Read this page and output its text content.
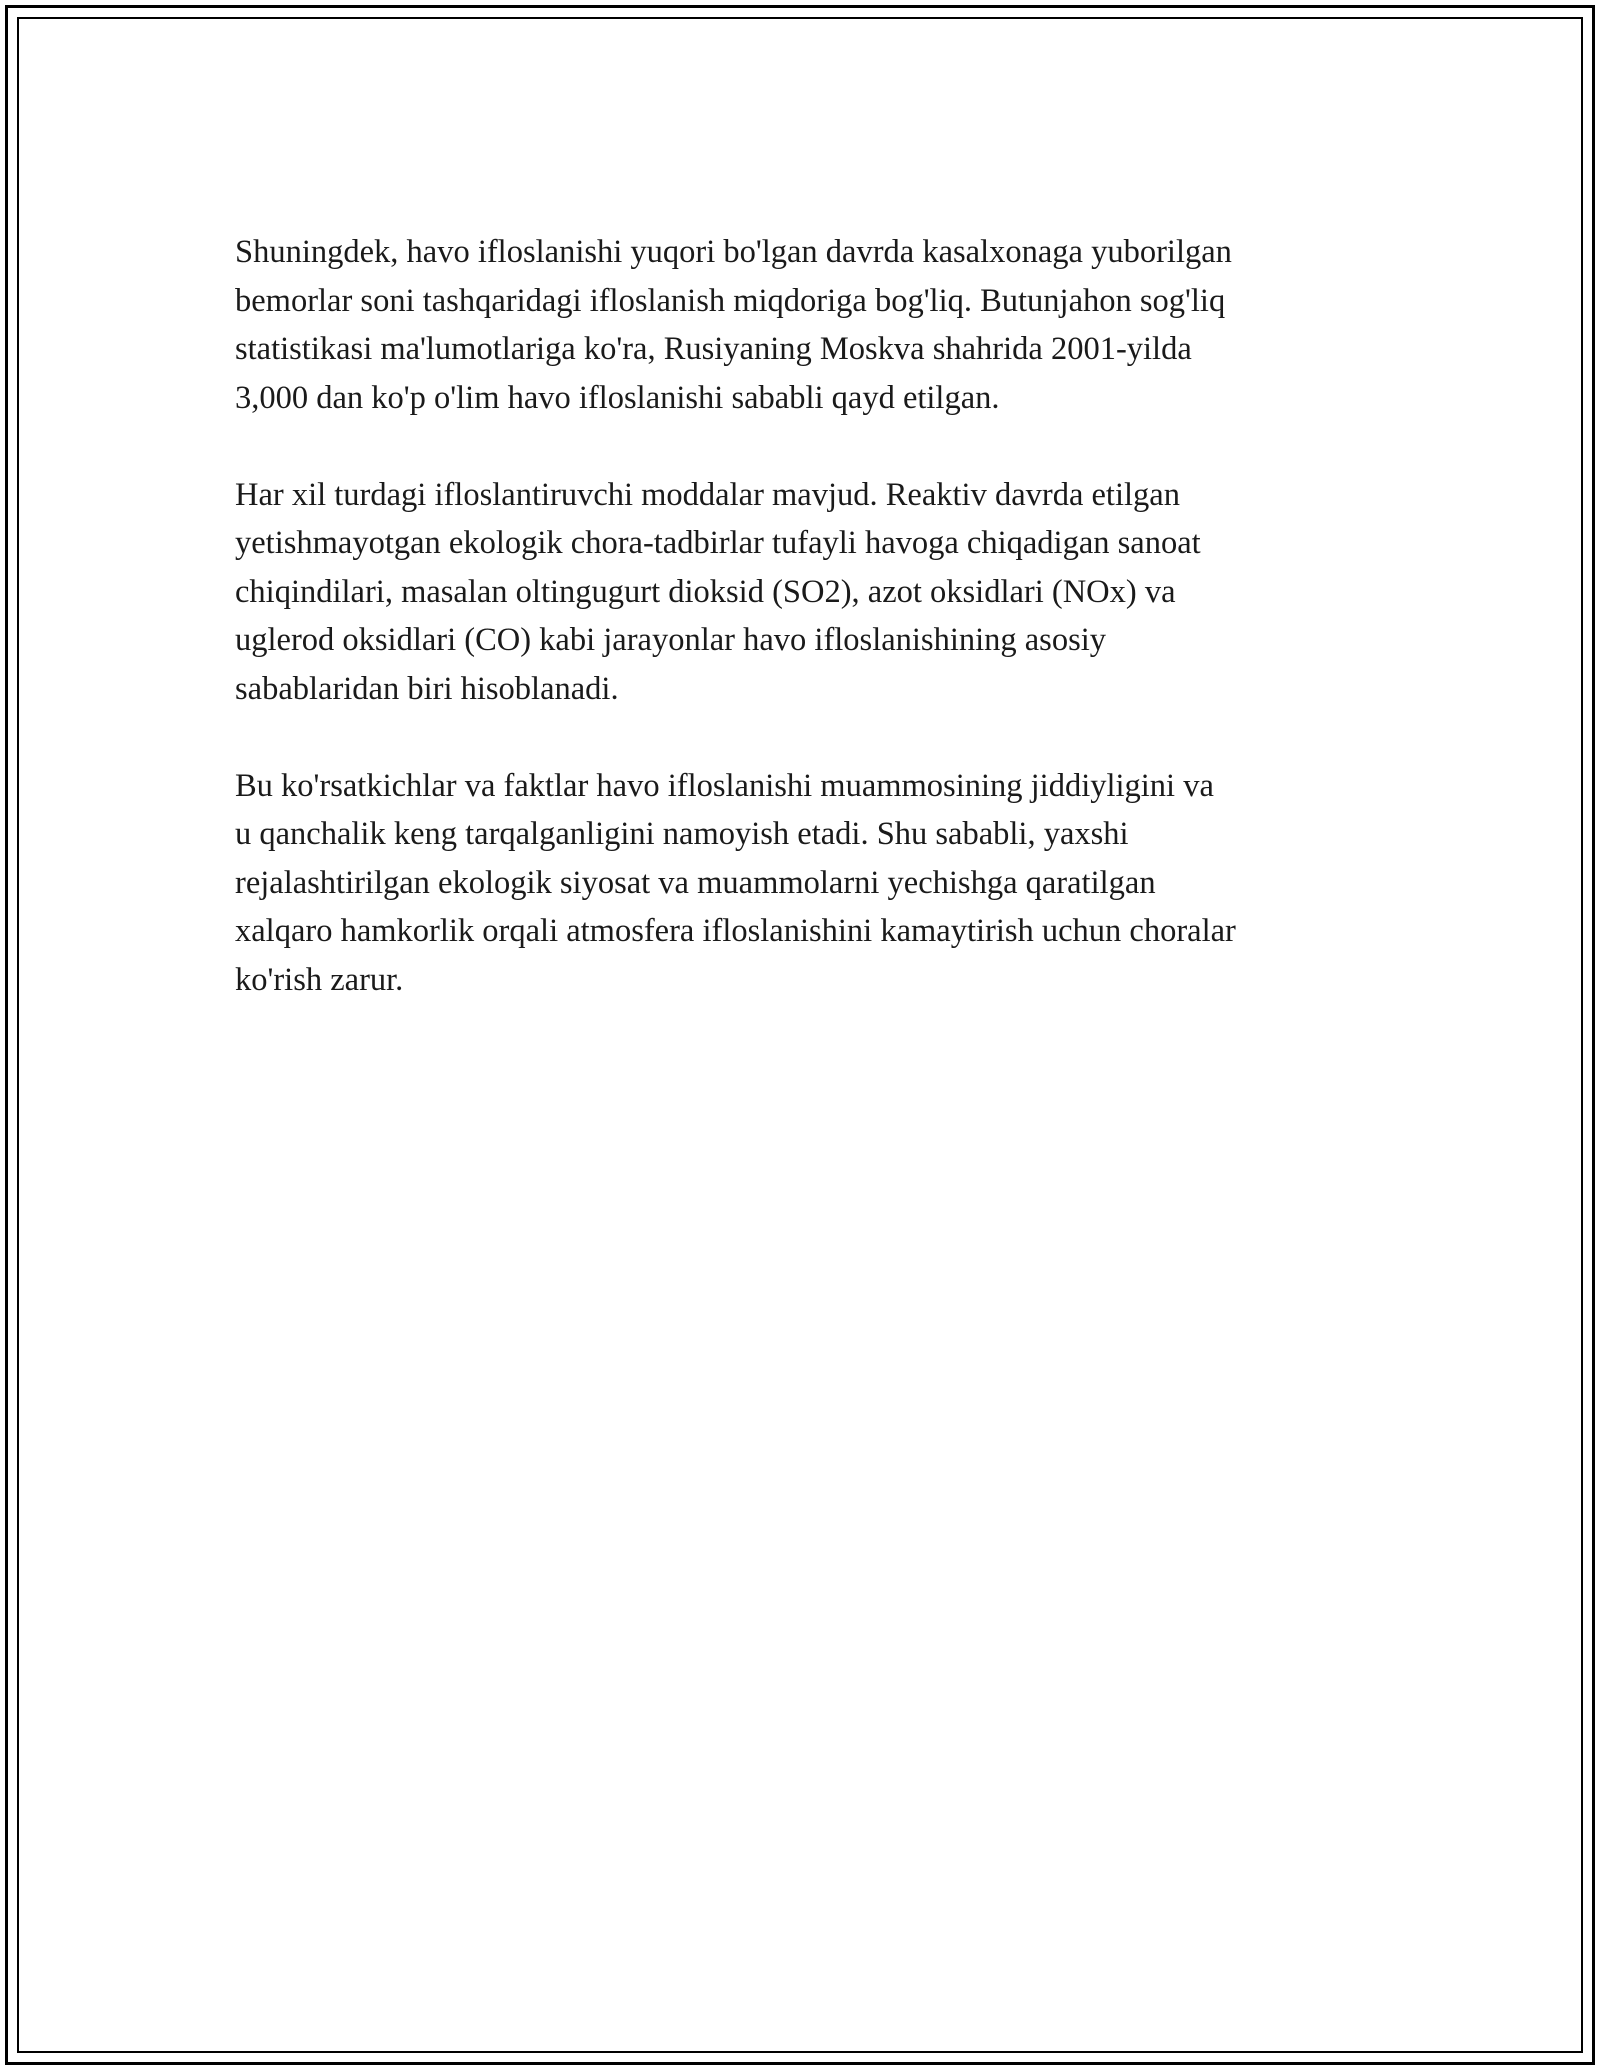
Shuningdek, havo ifloslanishi yuqori bo'lgan davrda kasalxonaga yuborilgan
bemorlar soni tashqaridagi ifloslanish miqdoriga bog'liq. Butunjahon sog'liq
statistikasi ma'lumotlariga ko'ra, Rusiyaning Moskva shahrida 2001-yilda
3,000 dan ko'p o'lim havo ifloslanishi sababli qayd etilgan.

Har xil turdagi ifloslantiruvchi moddalar mavjud. Reaktiv davrda etilgan
yetishmayotgan ekologik chora-tadbirlar tufayli havoga chiqadigan sanoat
chiqindilari, masalan oltingugurt dioksid (SO2), azot oksidlari (NOx) va
uglerod oksidlari (CO) kabi jarayonlar havo ifloslanishining asosiy
sabablaridan biri hisoblanadi.

Bu ko'rsatkichlar va faktlar havo ifloslanishi muammosining jiddiyligini va
u qanchalik keng tarqalganligini namoyish etadi. Shu sababli, yaxshi
rejalashtirilgan ekologik siyosat va muammolarni yechishga qaratilgan
xalqaro hamkorlik orqali atmosfera ifloslanishini kamaytirish uchun choralar
ko'rish zarur.
